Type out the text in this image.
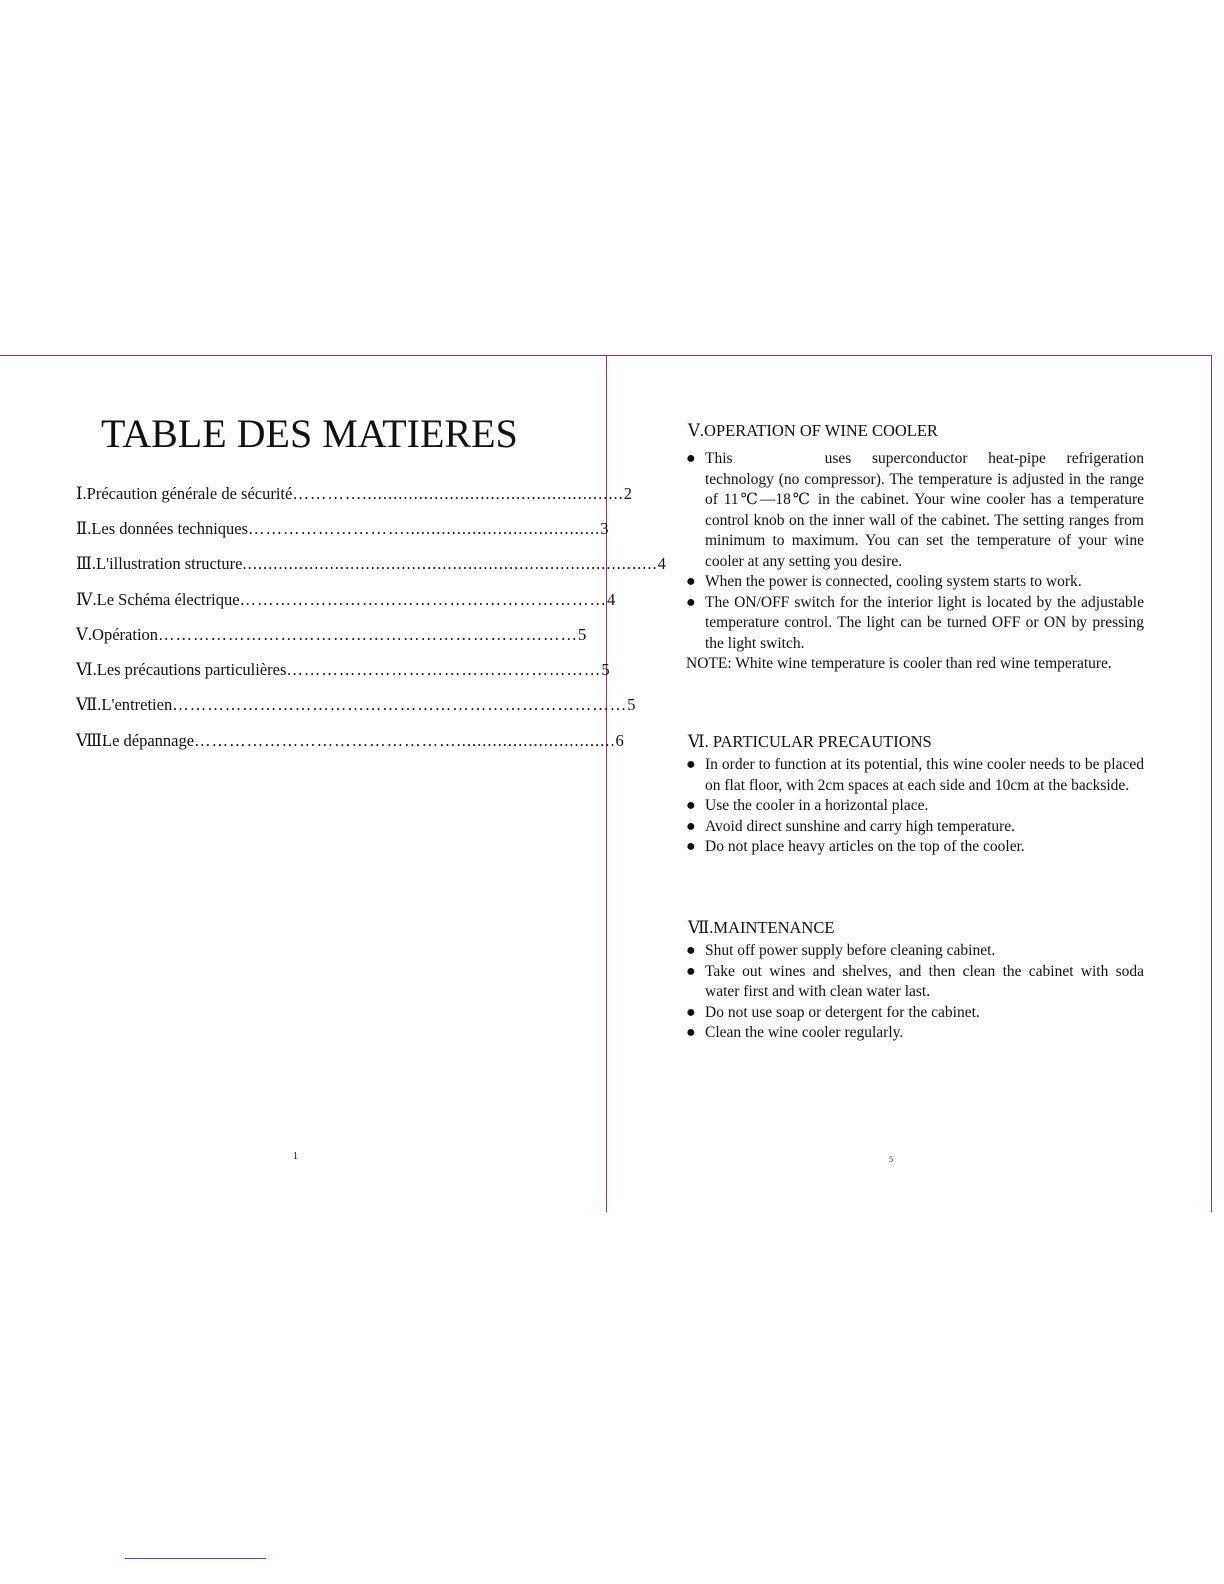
TABLE DES MATIERES
Ⅰ. Précaution générale de sécurité …………................................................... 2
Ⅱ. Les données techniques ………………………...................................... 3
Ⅲ. L'illustration structure ................................................................................. 4
Ⅳ. Le Schéma électrique ……………………………………………………… 4
Ⅴ. Opération ……………………………………………………………… 5
Ⅵ. Les précautions particulières ……………………………………………… 5
Ⅶ. L'entretien …………………………………………………………………… 5
Ⅷ.
Le dépannage ………………………………………............................... 6
1
Ⅴ.OPERATION OF WINE COOLER
● This	uses superconductor heat-pipe refrigeration technology (no compressor). The temperature is adjusted in the range of 11℃—18℃ in the cabinet. Your wine cooler has a temperature control knob on the inner wall of the cabinet. The setting ranges from minimum to maximum. You can set the temperature of your wine cooler at any setting you desire.
● When the power is connected, cooling system starts to work.
● The ON/OFF switch for the interior light is located by the adjustable temperature control. The light can be turned OFF or ON by pressing the light switch.
NOTE: White wine temperature is cooler than red wine temperature.
Ⅵ. PARTICULAR PRECAUTIONS
● In order to function at its potential, this wine cooler needs to be placed on flat floor, with 2cm spaces at each side and 10cm at the backside.
● Use the cooler in a horizontal place.
● Avoid direct sunshine and carry high temperature.
● Do not place heavy articles on the top of the cooler.
Ⅶ.MAINTENANCE
● Shut off power supply before cleaning cabinet.
● Take out wines and shelves, and then clean the cabinet with soda water first and with clean water last.
● Do not use soap or detergent for the cabinet.
● Clean the wine cooler regularly.
5
